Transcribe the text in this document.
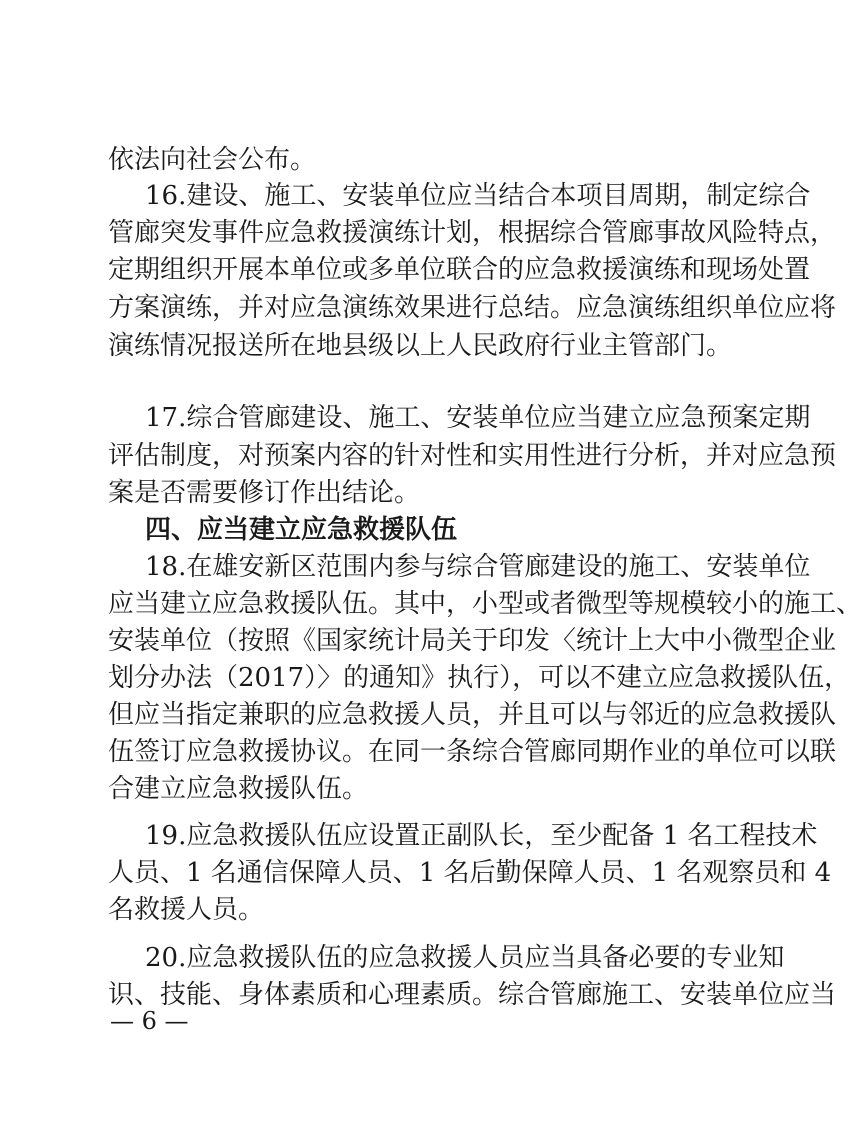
依法向社会公布。
16.建设、施工、安装单位应当结合本项目周期，制定综合
管廊突发事件应急救援演练计划，根据综合管廊事故风险特点，
定期组织开展本单位或多单位联合的应急救援演练和现场处置
方案演练，并对应急演练效果进行总结。应急演练组织单位应将
演练情况报送所在地县级以上人民政府行业主管部门。
17.综合管廊建设、施工、安装单位应当建立应急预案定期
评估制度，对预案内容的针对性和实用性进行分析，并对应急预
案是否需要修订作出结论。
四、应当建立应急救援队伍
18.在雄安新区范围内参与综合管廊建设的施工、安装单位
应当建立应急救援队伍。其中，小型或者微型等规模较小的施工、
安装单位（按照《国家统计局关于印发〈统计上大中小微型企业
划分办法（2017）〉的通知》执行），可以不建立应急救援队伍，
但应当指定兼职的应急救援人员，并且可以与邻近的应急救援队
伍签订应急救援协议。在同一条综合管廊同期作业的单位可以联
合建立应急救援队伍。
19.应急救援队伍应设置正副队长，至少配备 1 名工程技术
人员、1 名通信保障人员、1 名后勤保障人员、1 名观察员和 4
名救援人员。
20.应急救援队伍的应急救援人员应当具备必要的专业知
识、技能、身体素质和心理素质。综合管廊施工、安装单位应当
— 6 —
